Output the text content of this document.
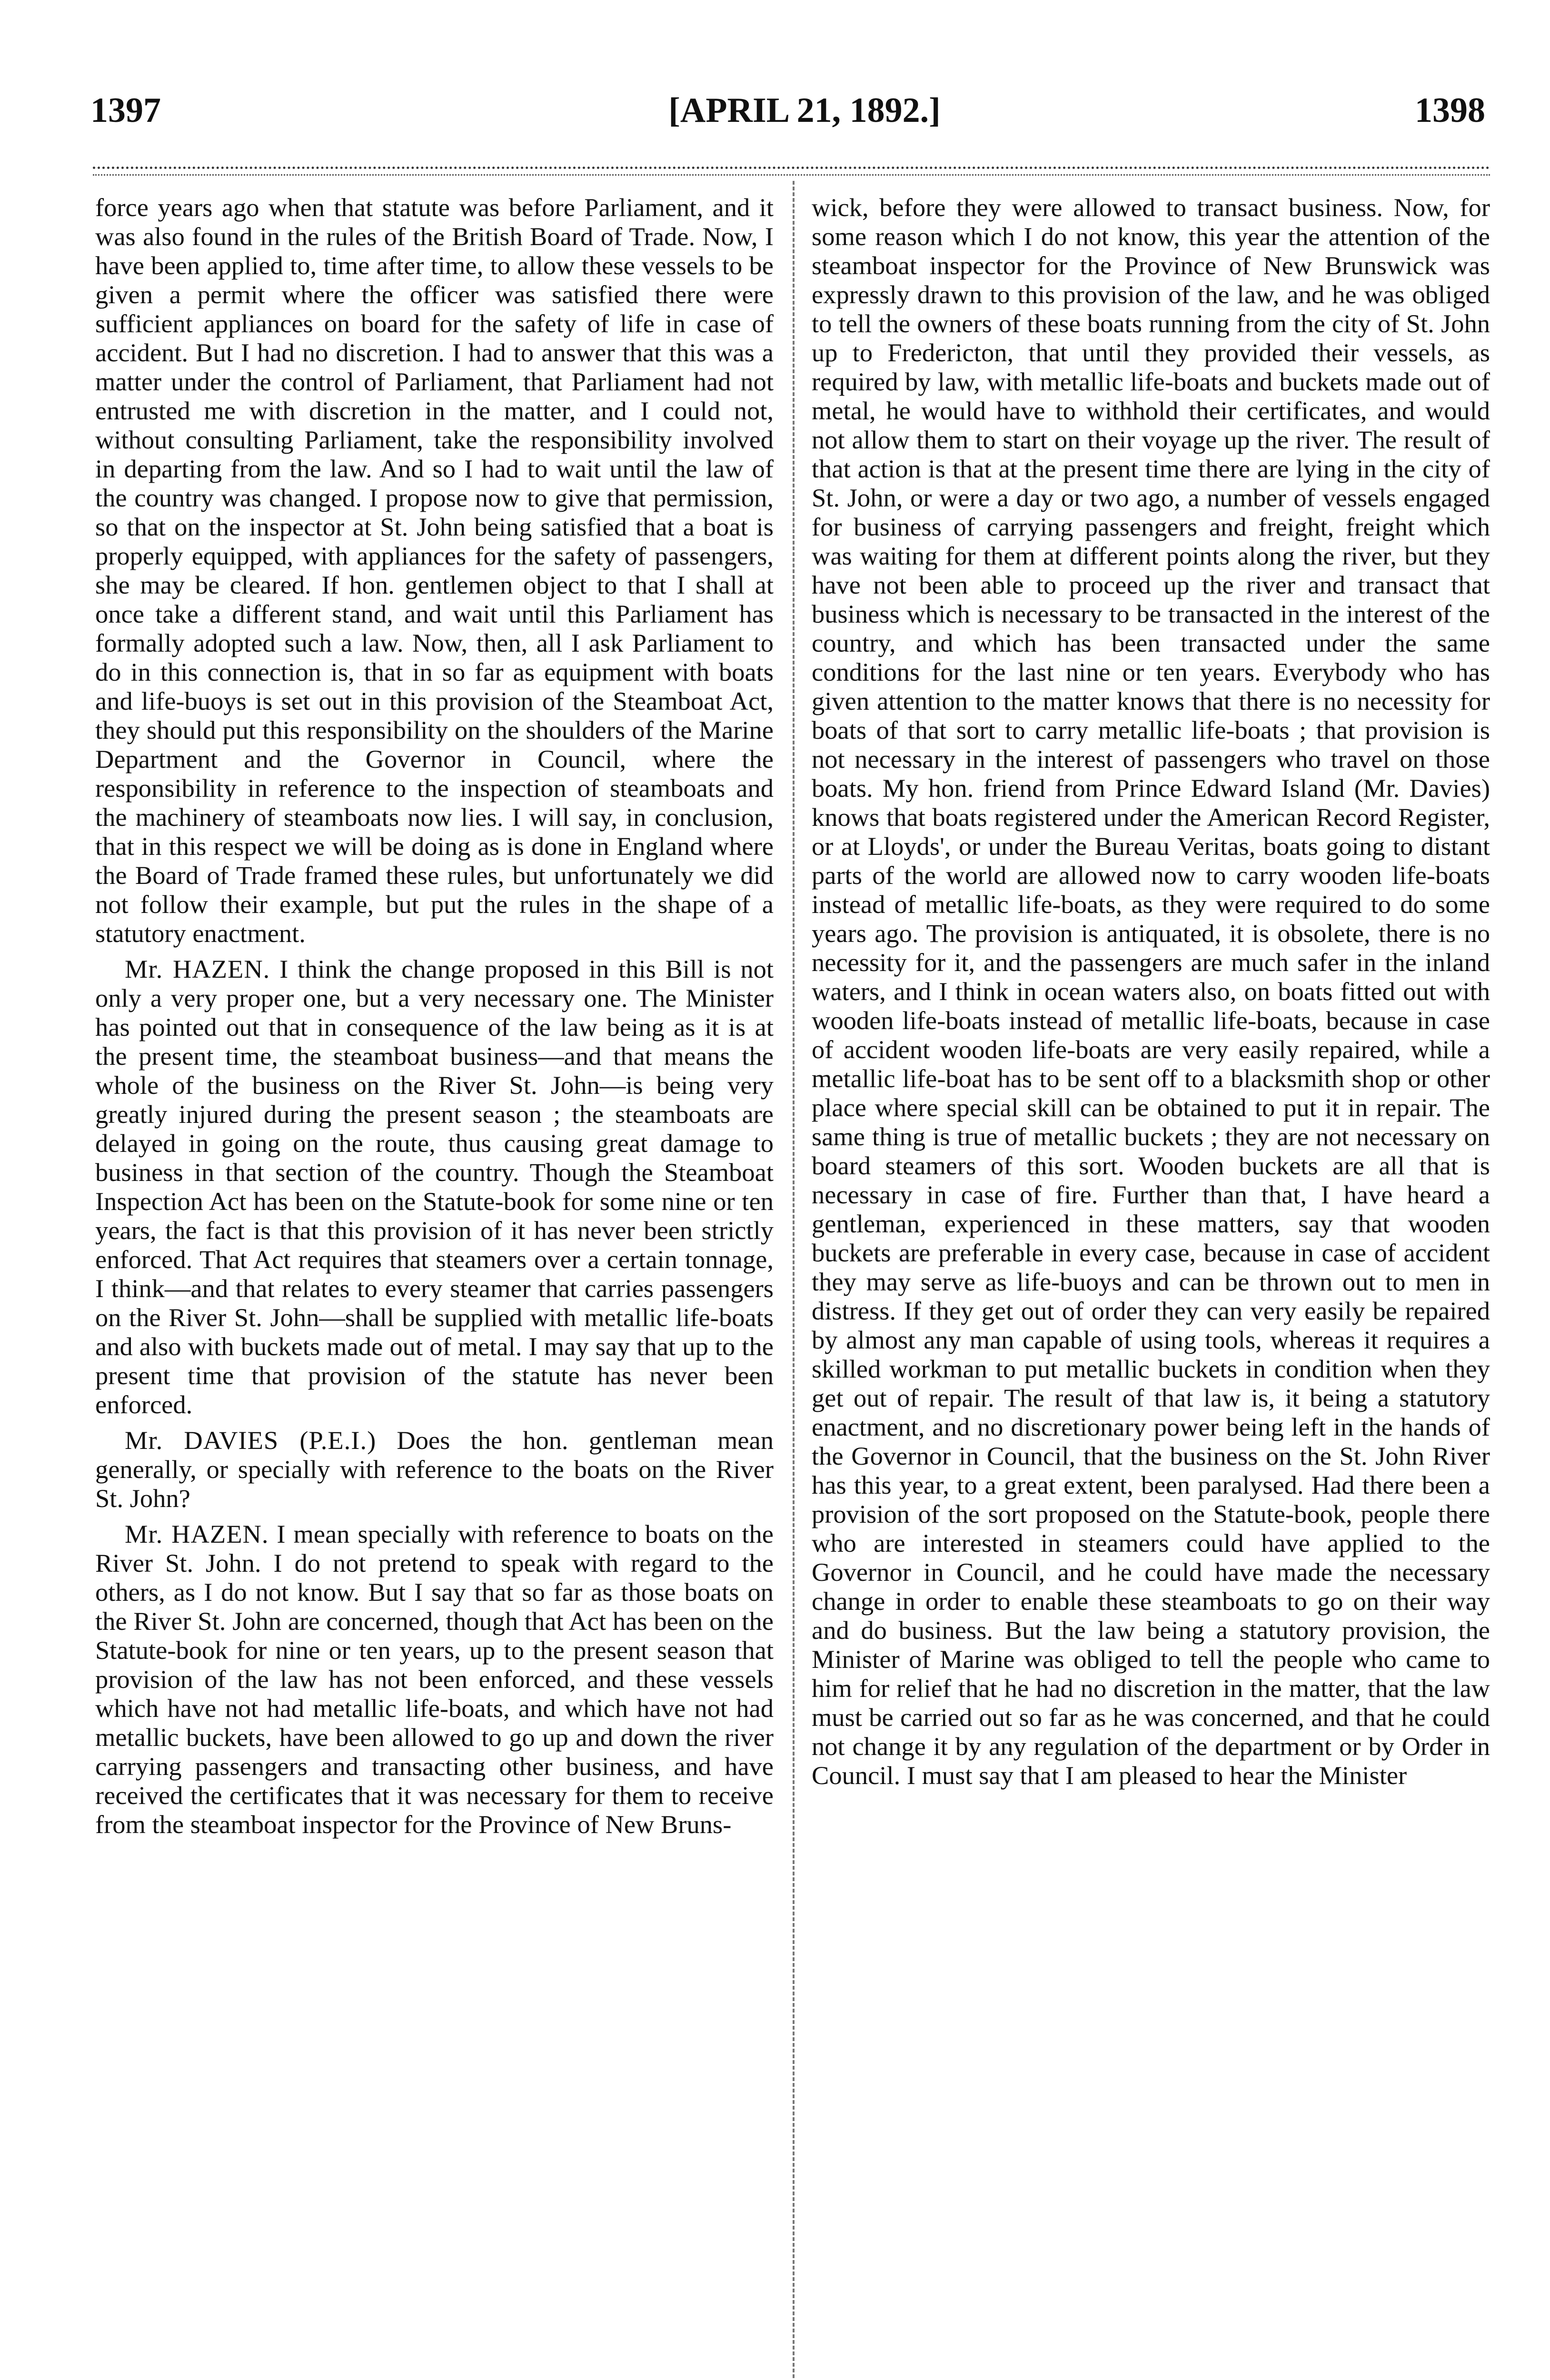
1397	[APRIL 21, 1892.]	1398

force years ago when that statute was before Parliament, and it was also found in the rules of the British Board of Trade. Now, I have been applied to, time after time, to allow these vessels to be given a permit where the officer was satisfied there were sufficient appliances on board for the safety of life in case of accident. But I had no discretion. I had to answer that this was a matter under the control of Parliament, that Parliament had not entrusted me with discretion in the matter, and I could not, without consulting Parliament, take the responsibility involved in departing from the law. And so I had to wait until the law of the country was changed. I propose now to give that permission, so that on the inspector at St. John being satisfied that a boat is properly equipped, with appliances for the safety of passengers, she may be cleared. If hon. gentlemen object to that I shall at once take a different stand, and wait until this Parliament has formally adopted such a law. Now, then, all I ask Parliament to do in this connection is, that in so far as equipment with boats and life-buoys is set out in this provision of the Steamboat Act, they should put this responsibility on the shoulders of the Marine Department and the Governor in Council, where the responsibility in reference to the inspection of steamboats and the machinery of steamboats now lies. I will say, in conclusion, that in this respect we will be doing as is done in England where the Board of Trade framed these rules, but unfortunately we did not follow their example, but put the rules in the shape of a statutory enactment.

Mr. HAZEN. I think the change proposed in this Bill is not only a very proper one, but a very necessary one. The Minister has pointed out that in consequence of the law being as it is at the present time, the steamboat business—and that means the whole of the business on the River St. John—is being very greatly injured during the present season ; the steamboats are delayed in going on the route, thus causing great damage to business in that section of the country. Though the Steamboat Inspection Act has been on the Statute-book for some nine or ten years, the fact is that this provision of it has never been strictly enforced. That Act requires that steamers over a certain tonnage, I think—and that relates to every steamer that carries passengers on the River St. John—shall be supplied with metallic life-boats and also with buckets made out of metal. I may say that up to the present time that provision of the statute has never been enforced.

Mr. DAVIES (P.E.I.) Does the hon. gentleman mean generally, or specially with reference to the boats on the River St. John?

Mr. HAZEN. I mean specially with reference to boats on the River St. John. I do not pretend to speak with regard to the others, as I do not know. But I say that so far as those boats on the River St. John are concerned, though that Act has been on the Statute-book for nine or ten years, up to the present season that provision of the law has not been enforced, and these vessels which have not had metallic life-boats, and which have not had metallic buckets, have been allowed to go up and down the river carrying passengers and transacting other business, and have received the certificates that it was necessary for them to receive from the steamboat inspector for the Province of New Bruns-

wick, before they were allowed to transact business. Now, for some reason which I do not know, this year the attention of the steamboat inspector for the Province of New Brunswick was expressly drawn to this provision of the law, and he was obliged to tell the owners of these boats running from the city of St. John up to Fredericton, that until they provided their vessels, as required by law, with metallic life-boats and buckets made out of metal, he would have to withhold their certificates, and would not allow them to start on their voyage up the river. The result of that action is that at the present time there are lying in the city of St. John, or were a day or two ago, a number of vessels engaged for business of carrying passengers and freight, freight which was waiting for them at different points along the river, but they have not been able to proceed up the river and transact that business which is necessary to be transacted in the interest of the country, and which has been transacted under the same conditions for the last nine or ten years. Everybody who has given attention to the matter knows that there is no necessity for boats of that sort to carry metallic life-boats ; that provision is not necessary in the interest of passengers who travel on those boats. My hon. friend from Prince Edward Island (Mr. Davies) knows that boats registered under the American Record Register, or at Lloyds', or under the Bureau Veritas, boats going to distant parts of the world are allowed now to carry wooden life-boats instead of metallic life-boats, as they were required to do some years ago. The provision is antiquated, it is obsolete, there is no necessity for it, and the passengers are much safer in the inland waters, and I think in ocean waters also, on boats fitted out with wooden life-boats instead of metallic life-boats, because in case of accident wooden life-boats are very easily repaired, while a metallic life-boat has to be sent off to a blacksmith shop or other place where special skill can be obtained to put it in repair. The same thing is true of metallic buckets ; they are not necessary on board steamers of this sort. Wooden buckets are all that is necessary in case of fire. Further than that, I have heard a gentleman, experienced in these matters, say that wooden buckets are preferable in every case, because in case of accident they may serve as life-buoys and can be thrown out to men in distress. If they get out of order they can very easily be repaired by almost any man capable of using tools, whereas it requires a skilled workman to put metallic buckets in condition when they get out of repair. The result of that law is, it being a statutory enactment, and no discretionary power being left in the hands of the Governor in Council, that the business on the St. John River has this year, to a great extent, been paralysed. Had there been a provision of the sort proposed on the Statute-book, people there who are interested in steamers could have applied to the Governor in Council, and he could have made the necessary change in order to enable these steamboats to go on their way and do business. But the law being a statutory provision, the Minister of Marine was obliged to tell the people who came to him for relief that he had no discretion in the matter, that the law must be carried out so far as he was concerned, and that he could not change it by any regulation of the department or by Order in Council. I must say that I am pleased to hear the Minister
